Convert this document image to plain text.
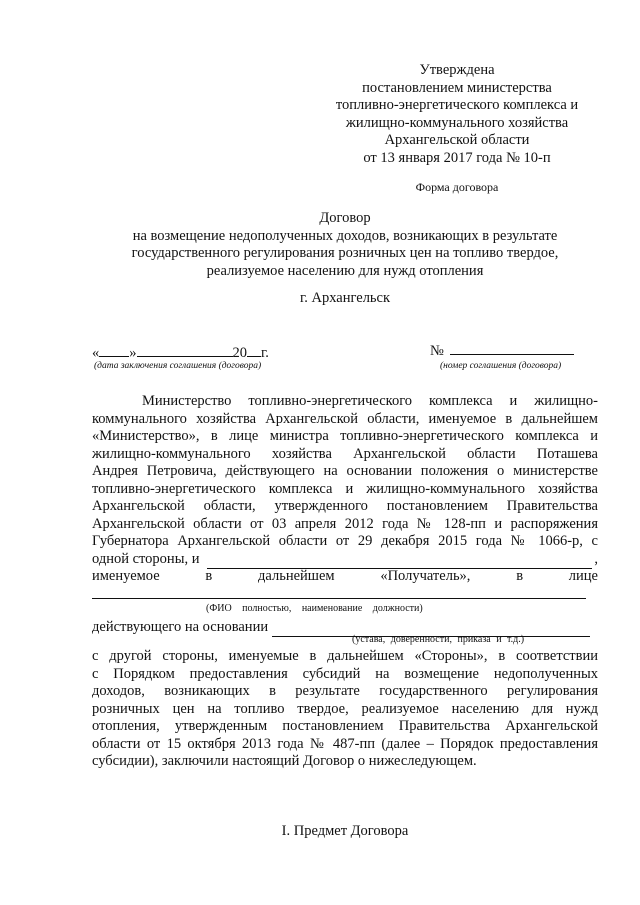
Утверждена
постановлением министерства
топливно-энергетического комплекса и
жилищно-коммунального хозяйства
Архангельской области
от 13 января 2017 года № 10-п
Форма договора
Договор
на возмещение недополученных доходов, возникающих в результате
государственного регулирования розничных цен на топливо твердое,
реализуемое населению для нужд отопления
г. Архангельск
« »	20 г.
(дата заключения соглашения (договора)
№
(номер соглашения (договора)
Министерство топливно-энергетического комплекса и жилищно-
коммунального хозяйства Архангельской области, именуемое в дальнейшем
«Министерство», в лице министра топливно-энергетического комплекса и
жилищно-коммунального хозяйства Архангельской области Поташева
Андрея Петровича, действующего на основании положения о министерстве
топливно-энергетического комплекса и жилищно-коммунального хозяйства
Архангельской области, утвержденного постановлением Правительства
Архангельской области от 03 апреля 2012 года № 128-пп и распоряжения
Губернатора Архангельской области от 29 декабря 2015 года № 1066-р, с
одной стороны, и	,
именуемое	в	дальнейшем	«Получатель»,	в	лице
(ФИО полностью, наименование должности)
действующего на основании
(устава, доверенности, приказа и т.д.)
с другой стороны, именуемые в дальнейшем «Стороны», в соответствии
с Порядком предоставления субсидий на возмещение недополученных
доходов, возникающих в результате государственного регулирования
розничных цен на топливо твердое, реализуемое населению для нужд
отопления, утвержденным постановлением Правительства Архангельской
области от 15 октября 2013 года № 487-пп (далее – Порядок предоставления
субсидии), заключили настоящий Договор о нижеследующем.
I. Предмет Договора
